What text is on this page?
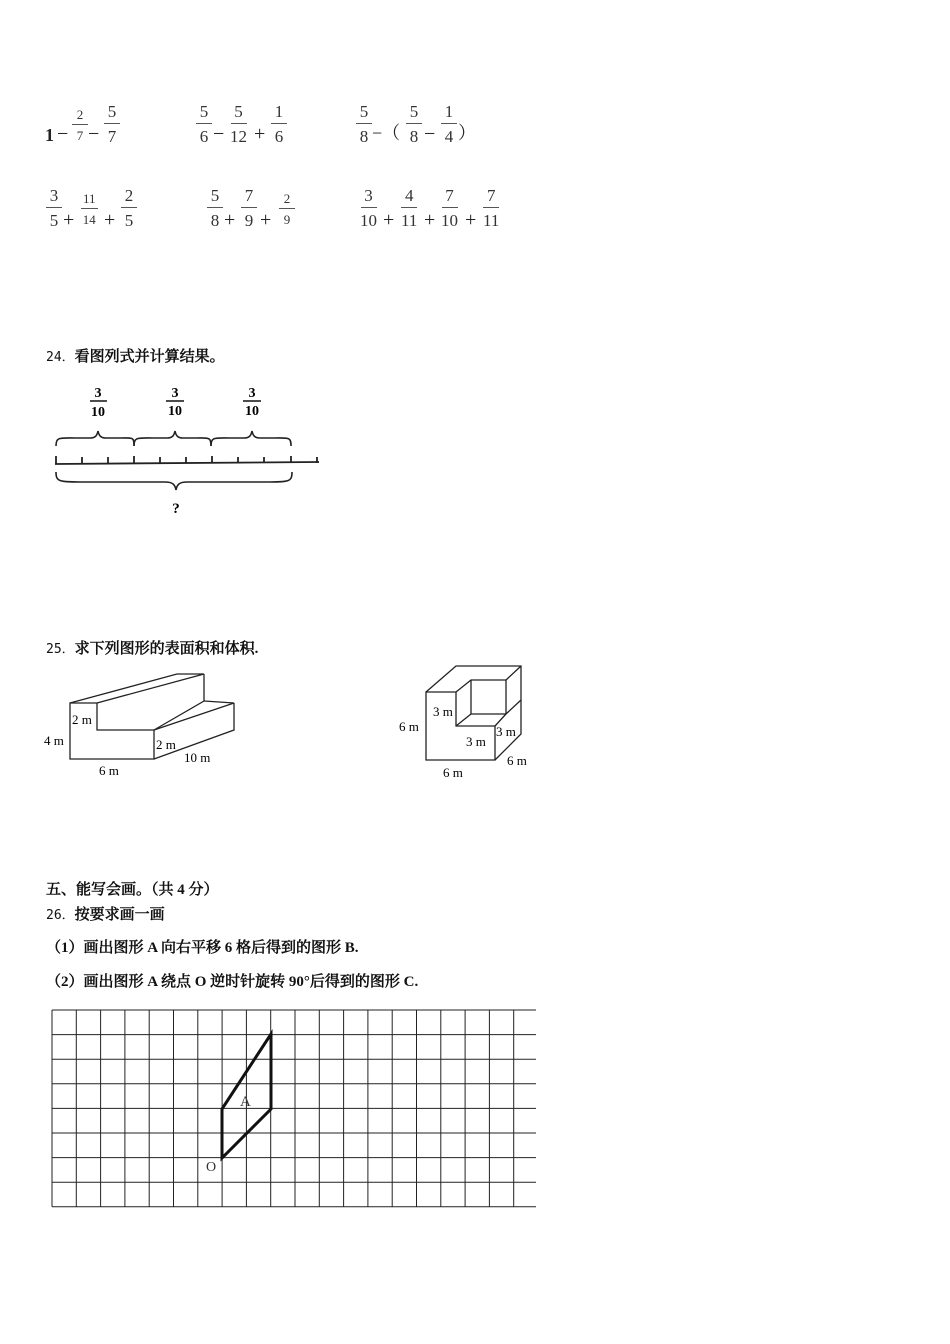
$1 - \frac{2}{7} - \frac{5}{7}$	$\frac{5}{6} - \frac{5}{12} + \frac{1}{6}$	$\frac{5}{8}$ −（ $\frac{5}{8} - \frac{1}{4}$ ）
$\frac{3}{5} + \frac{11}{14} + \frac{2}{5}$	$\frac{5}{8} + \frac{7}{9} + \frac{2}{9}$	$\frac{3}{10} + \frac{4}{11} + \frac{7}{10} + \frac{7}{11}$
24．看图列式并计算结果。
3
10
3
10
3
10
?
25．求下列图形的表面积和体积.
2 m
2 m
4 m
6 m
10 m
3 m
3 m
3 m
6 m
6 m
6 m
五、能写会画。（共 4 分）
26．按要求画一画
（1）画出图形 A 向右平移 6 格后得到的图形 B.
（2）画出图形 A 绕点 O 逆时针旋转 90°后得到的图形 C.
A
O
